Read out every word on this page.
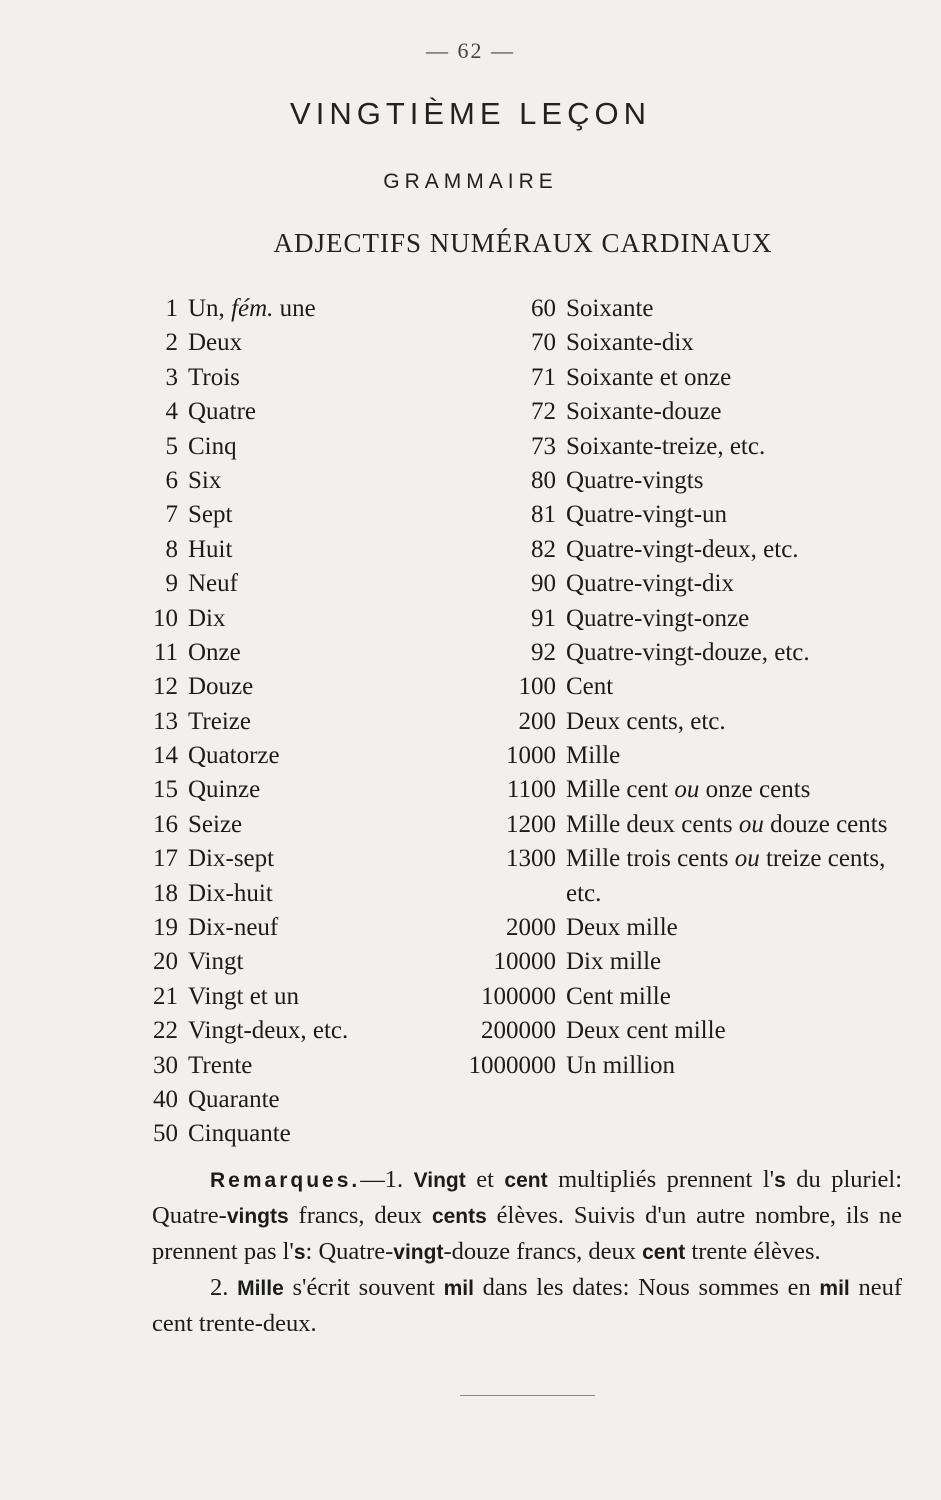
— 62 —
VINGTIÈME LEÇON
GRAMMAIRE
ADJECTIFS NUMÉRAUX CARDINAUX
1 Un, fém. une
2 Deux
3 Trois
4 Quatre
5 Cinq
6 Six
7 Sept
8 Huit
9 Neuf
10 Dix
11 Onze
12 Douze
13 Treize
14 Quatorze
15 Quinze
16 Seize
17 Dix-sept
18 Dix-huit
19 Dix-neuf
20 Vingt
21 Vingt et un
22 Vingt-deux, etc.
30 Trente
40 Quarante
50 Cinquante
60 Soixante
70 Soixante-dix
71 Soixante et onze
72 Soixante-douze
73 Soixante-treize, etc.
80 Quatre-vingts
81 Quatre-vingt-un
82 Quatre-vingt-deux, etc.
90 Quatre-vingt-dix
91 Quatre-vingt-onze
92 Quatre-vingt-douze, etc.
100 Cent
200 Deux cents, etc.
1000 Mille
1100 Mille cent ou onze cents
1200 Mille deux cents ou douze cents
1300 Mille trois cents ou treize cents, etc.
2000 Deux mille
10000 Dix mille
100000 Cent mille
200000 Deux cent mille
1000000 Un million

Remarques.—1. Vingt et cent multipliés prennent l's du pluriel: Quatre-vingts francs, deux cents élèves. Suivis d'un autre nombre, ils ne prennent pas l's: Quatre-vingt-douze francs, deux cent trente élèves.

2. Mille s'écrit souvent mil dans les dates: Nous sommes en mil neuf cent trente-deux.
